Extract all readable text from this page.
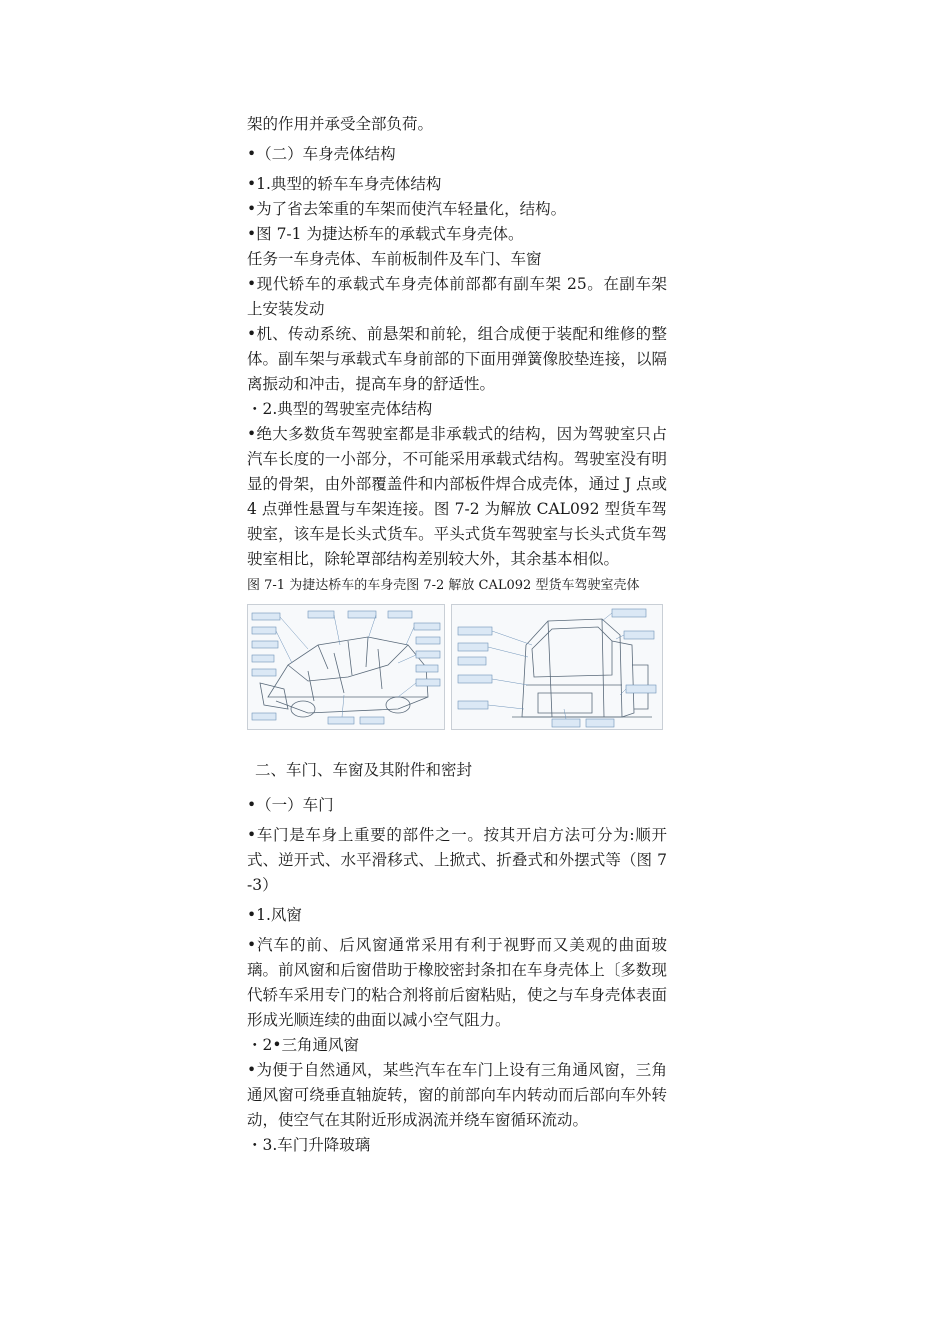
架的作用并承受全部负荷。

•（二）车身壳体结构

•1.典型的轿车车身壳体结构

•为了省去笨重的车架而使汽车轻量化，结构。

•图 7-1 为捷达桥车的承载式车身壳体。

任务一车身壳体、车前板制件及车门、车窗

•现代轿车的承载式车身壳体前部都有副车架 25。在副车架上安装发动

•机、传动系统、前悬架和前轮，组合成便于装配和维修的整体。副车架与承载式车身前部的下面用弹簧像胶垫连接，以隔离振动和冲击，提高车身的舒适性。

・2.典型的驾驶室壳体结构

•绝大多数货车驾驶室都是非承载式的结构，因为驾驶室只占汽车长度的一小部分，不可能采用承载式结构。驾驶室没有明显的骨架，由外部覆盖件和内部板件焊合成壳体，通过 J 点或 4 点弹性悬置与车架连接。图 7-2 为解放 CAL092 型货车驾驶室，该车是长头式货车。平头式货车驾驶室与长头式货车驾驶室相比，除轮罩部结构差别较大外，其余基本相似。

图 7-1 为捷达桥车的车身壳图 7-2 解放 CAL092 型货车驾驶室壳体

二、车门、车窗及其附件和密封

•（一）车门

•车门是车身上重要的部件之一。按其开启方法可分为:顺开式、逆开式、水平滑移式、上掀式、折叠式和外摆式等（图 7-3）

•1.风窗

•汽车的前、后风窗通常采用有利于视野而又美观的曲面玻璃。前风窗和后窗借助于橡胶密封条扣在车身壳体上〔多数现代轿车采用专门的粘合剂将前后窗粘贴，使之与车身壳体表面形成光顺连续的曲面以减小空气阻力。

・2•三角通风窗

•为便于自然通风，某些汽车在车门上设有三角通风窗，三角通风窗可绕垂直轴旋转，窗的前部向车内转动而后部向车外转动，使空气在其附近形成涡流并绕车窗循环流动。

・3.车门升降玻璃
